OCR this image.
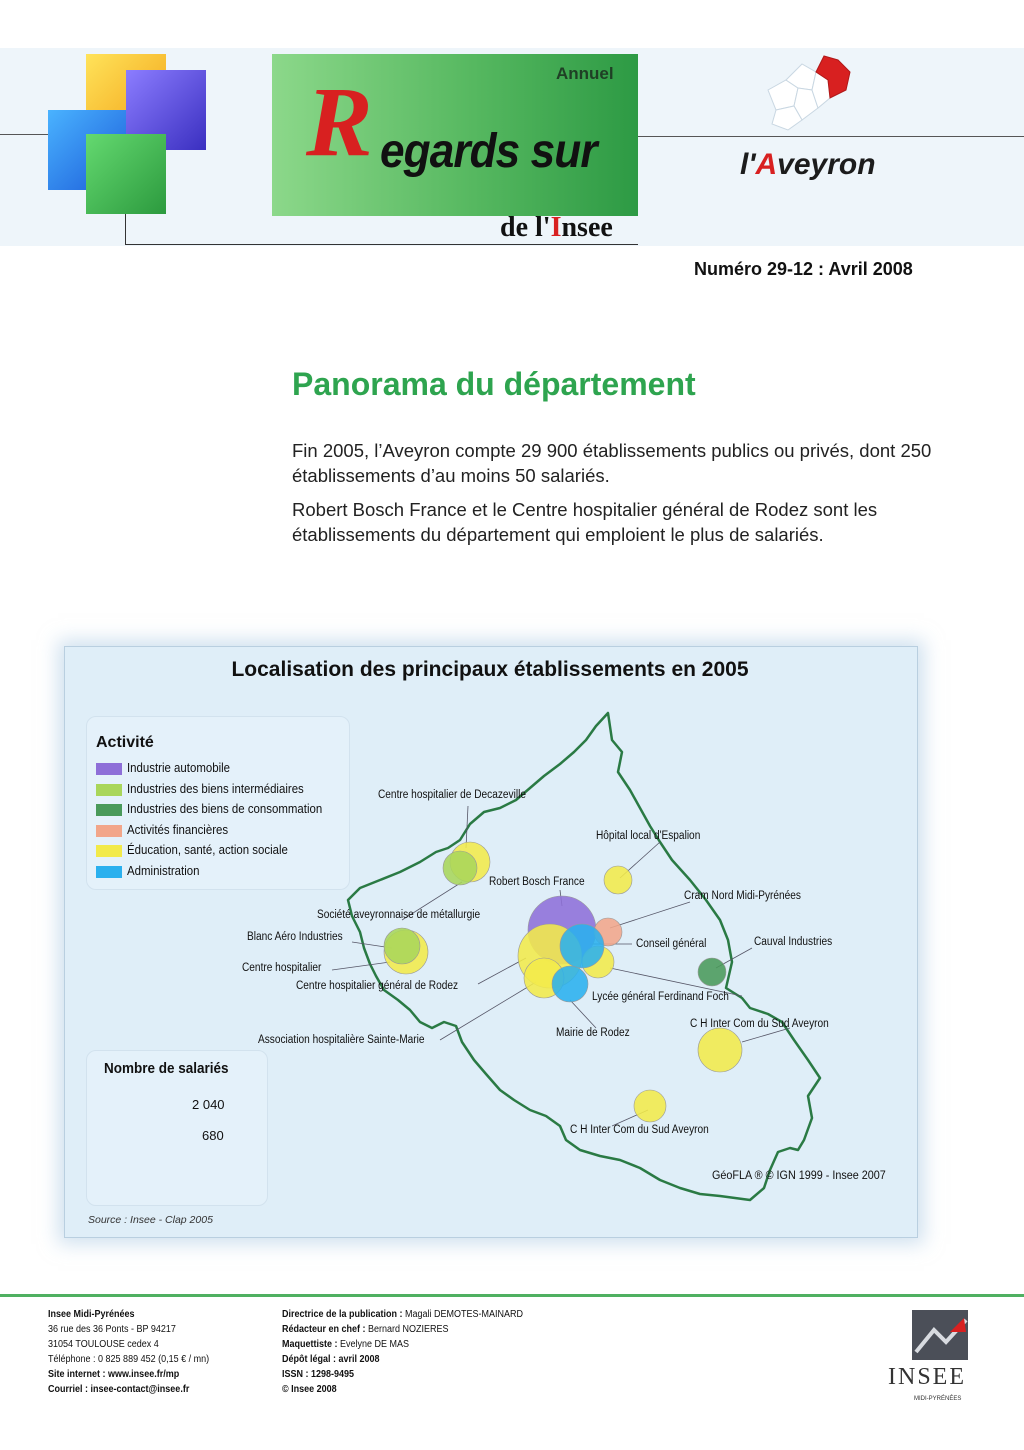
Annuel
R egards sur
de l'Insee
l'Aveyron
Numéro 29-12 : Avril 2008
Panorama du département

Fin 2005, l’Aveyron compte 29 900 établissements publics ou privés, dont 250 établissements d’au moins 50 salariés.

Robert Bosch France et le Centre hospitalier général de Rodez sont les établissements du département qui emploient le plus de salariés.

Localisation des principaux établissements en 2005
Activité
Industrie automobile
Industries des biens intermédiaires
Industries des biens de consommation
Activités financières
Éducation, santé, action sociale
Administration
Centre hospitalier de Decazeville
Hôpital local d'Espalion
Robert Bosch France
Cram Nord Midi-Pyrénées
Société aveyronnaise de métallurgie
Blanc Aéro Industries
Conseil général	Cauval Industries
Centre hospitalier
Centre hospitalier général de Rodez
Lycée général Ferdinand Foch
C H Inter Com du Sud Aveyron
Mairie de Rodez
Association hospitalière Sainte-Marie
C H Inter Com du Sud Aveyron
Nombre de salariés
2 040
680
Source : Insee - Clap 2005
GéoFLA ® © IGN 1999 - Insee 2007
Insee Midi-Pyrénées
36 rue des 36 Ponts - BP 94217
31054 TOULOUSE cedex 4
Téléphone : 0 825 889 452 (0,15 € / mn)
Site internet : www.insee.fr/mp
Courriel : insee-contact@insee.fr
Directrice de la publication : Magali DEMOTES-MAINARD
Rédacteur en chef : Bernard NOZIERES
Maquettiste : Evelyne DE MAS
Dépôt légal : avril 2008
ISSN : 1298-9495
© Insee 2008	INSEE
MIDI-PYRÉNÉES
